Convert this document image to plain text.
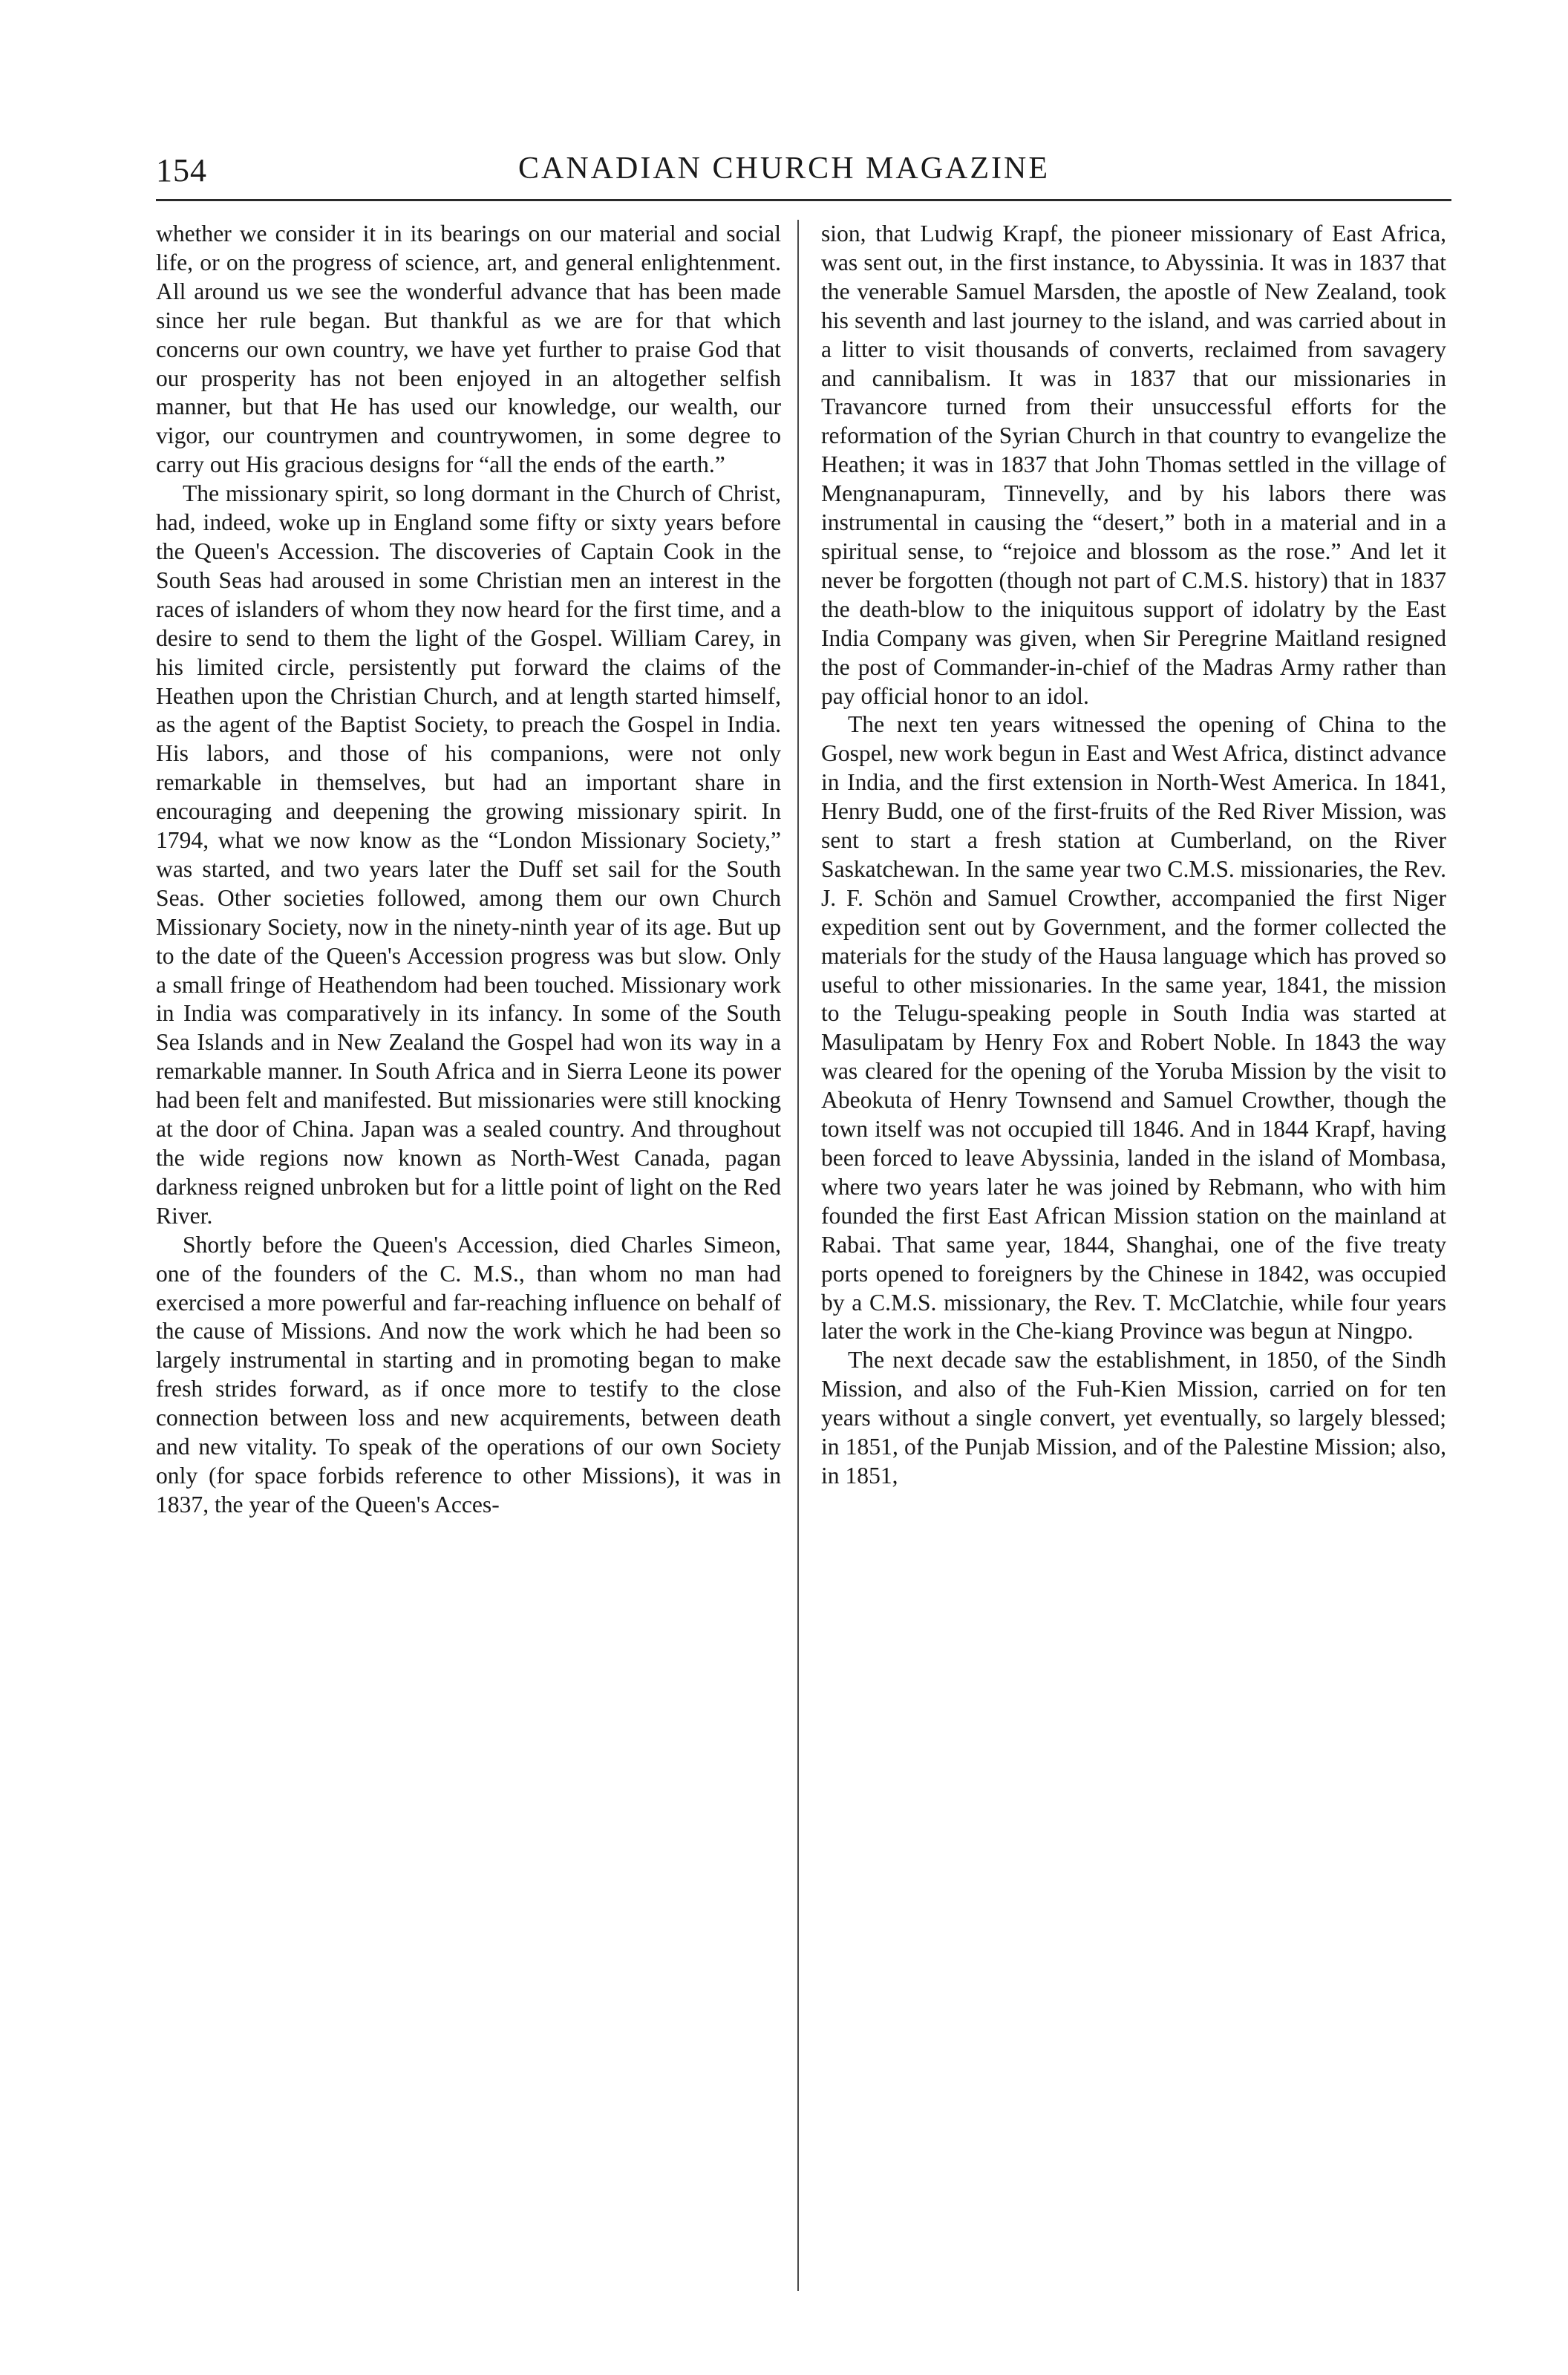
154	CANADIAN CHURCH MAGAZINE

whether we consider it in its bearings on our material and social life, or on the progress of science, art, and general enlightenment. All around us we see the wonderful advance that has been made since her rule began. But thankful as we are for that which concerns our own country, we have yet further to praise God that our prosperity has not been enjoyed in an altogether selfish manner, but that He has used our knowledge, our wealth, our vigor, our countrymen and countrywomen, in some degree to carry out His gracious designs for “all the ends of the earth.”

The missionary spirit, so long dormant in the Church of Christ, had, indeed, woke up in England some fifty or sixty years before the Queen's Accession. The discoveries of Captain Cook in the South Seas had aroused in some Christian men an interest in the races of islanders of whom they now heard for the first time, and a desire to send to them the light of the Gospel. William Carey, in his limited circle, persistently put forward the claims of the Heathen upon the Christian Church, and at length started himself, as the agent of the Baptist Society, to preach the Gospel in India. His labors, and those of his companions, were not only remarkable in themselves, but had an important share in encouraging and deepening the growing missionary spirit. In 1794, what we now know as the “London Missionary Society,” was started, and two years later the Duff set sail for the South Seas. Other societies followed, among them our own Church Missionary Society, now in the ninety-ninth year of its age. But up to the date of the Queen's Accession progress was but slow. Only a small fringe of Heathendom had been touched. Missionary work in India was comparatively in its infancy. In some of the South Sea Islands and in New Zealand the Gospel had won its way in a remarkable manner. In South Africa and in Sierra Leone its power had been felt and manifested. But missionaries were still knocking at the door of China. Japan was a sealed country. And throughout the wide regions now known as North-West Canada, pagan darkness reigned unbroken but for a little point of light on the Red River.

Shortly before the Queen's Accession, died Charles Simeon, one of the founders of the C. M.S., than whom no man had exercised a more powerful and far-reaching influence on behalf of the cause of Missions. And now the work which he had been so largely instrumental in starting and in promoting began to make fresh strides forward, as if once more to testify to the close connection between loss and new acquirements, between death and new vitality. To speak of the operations of our own Society only (for space forbids reference to other Missions), it was in 1837, the year of the Queen's Acces-

sion, that Ludwig Krapf, the pioneer missionary of East Africa, was sent out, in the first instance, to Abyssinia. It was in 1837 that the venerable Samuel Marsden, the apostle of New Zealand, took his seventh and last journey to the island, and was carried about in a litter to visit thousands of converts, reclaimed from savagery and cannibalism. It was in 1837 that our missionaries in Travancore turned from their unsuccessful efforts for the reformation of the Syrian Church in that country to evangelize the Heathen; it was in 1837 that John Thomas settled in the village of Mengnanapuram, Tinnevelly, and by his labors there was instrumental in causing the “desert,” both in a material and in a spiritual sense, to “rejoice and blossom as the rose.” And let it never be forgotten (though not part of C.M.S. history) that in 1837 the death-blow to the iniquitous support of idolatry by the East India Company was given, when Sir Peregrine Maitland resigned the post of Commander-in-chief of the Madras Army rather than pay official honor to an idol.

The next ten years witnessed the opening of China to the Gospel, new work begun in East and West Africa, distinct advance in India, and the first extension in North-West America. In 1841, Henry Budd, one of the first-fruits of the Red River Mission, was sent to start a fresh station at Cumberland, on the River Saskatchewan. In the same year two C.M.S. missionaries, the Rev. J. F. Schön and Samuel Crowther, accompanied the first Niger expedition sent out by Government, and the former collected the materials for the study of the Hausa language which has proved so useful to other missionaries. In the same year, 1841, the mission to the Telugu-speaking people in South India was started at Masulipatam by Henry Fox and Robert Noble. In 1843 the way was cleared for the opening of the Yoruba Mission by the visit to Abeokuta of Henry Townsend and Samuel Crowther, though the town itself was not occupied till 1846. And in 1844 Krapf, having been forced to leave Abyssinia, landed in the island of Mombasa, where two years later he was joined by Rebmann, who with him founded the first East African Mission station on the mainland at Rabai. That same year, 1844, Shanghai, one of the five treaty ports opened to foreigners by the Chinese in 1842, was occupied by a C.M.S. missionary, the Rev. T. McClatchie, while four years later the work in the Che-kiang Province was begun at Ningpo.

The next decade saw the establishment, in 1850, of the Sindh Mission, and also of the Fuh-Kien Mission, carried on for ten years without a single convert, yet eventually, so largely blessed; in 1851, of the Punjab Mission, and of the Palestine Mission; also, in 1851,
